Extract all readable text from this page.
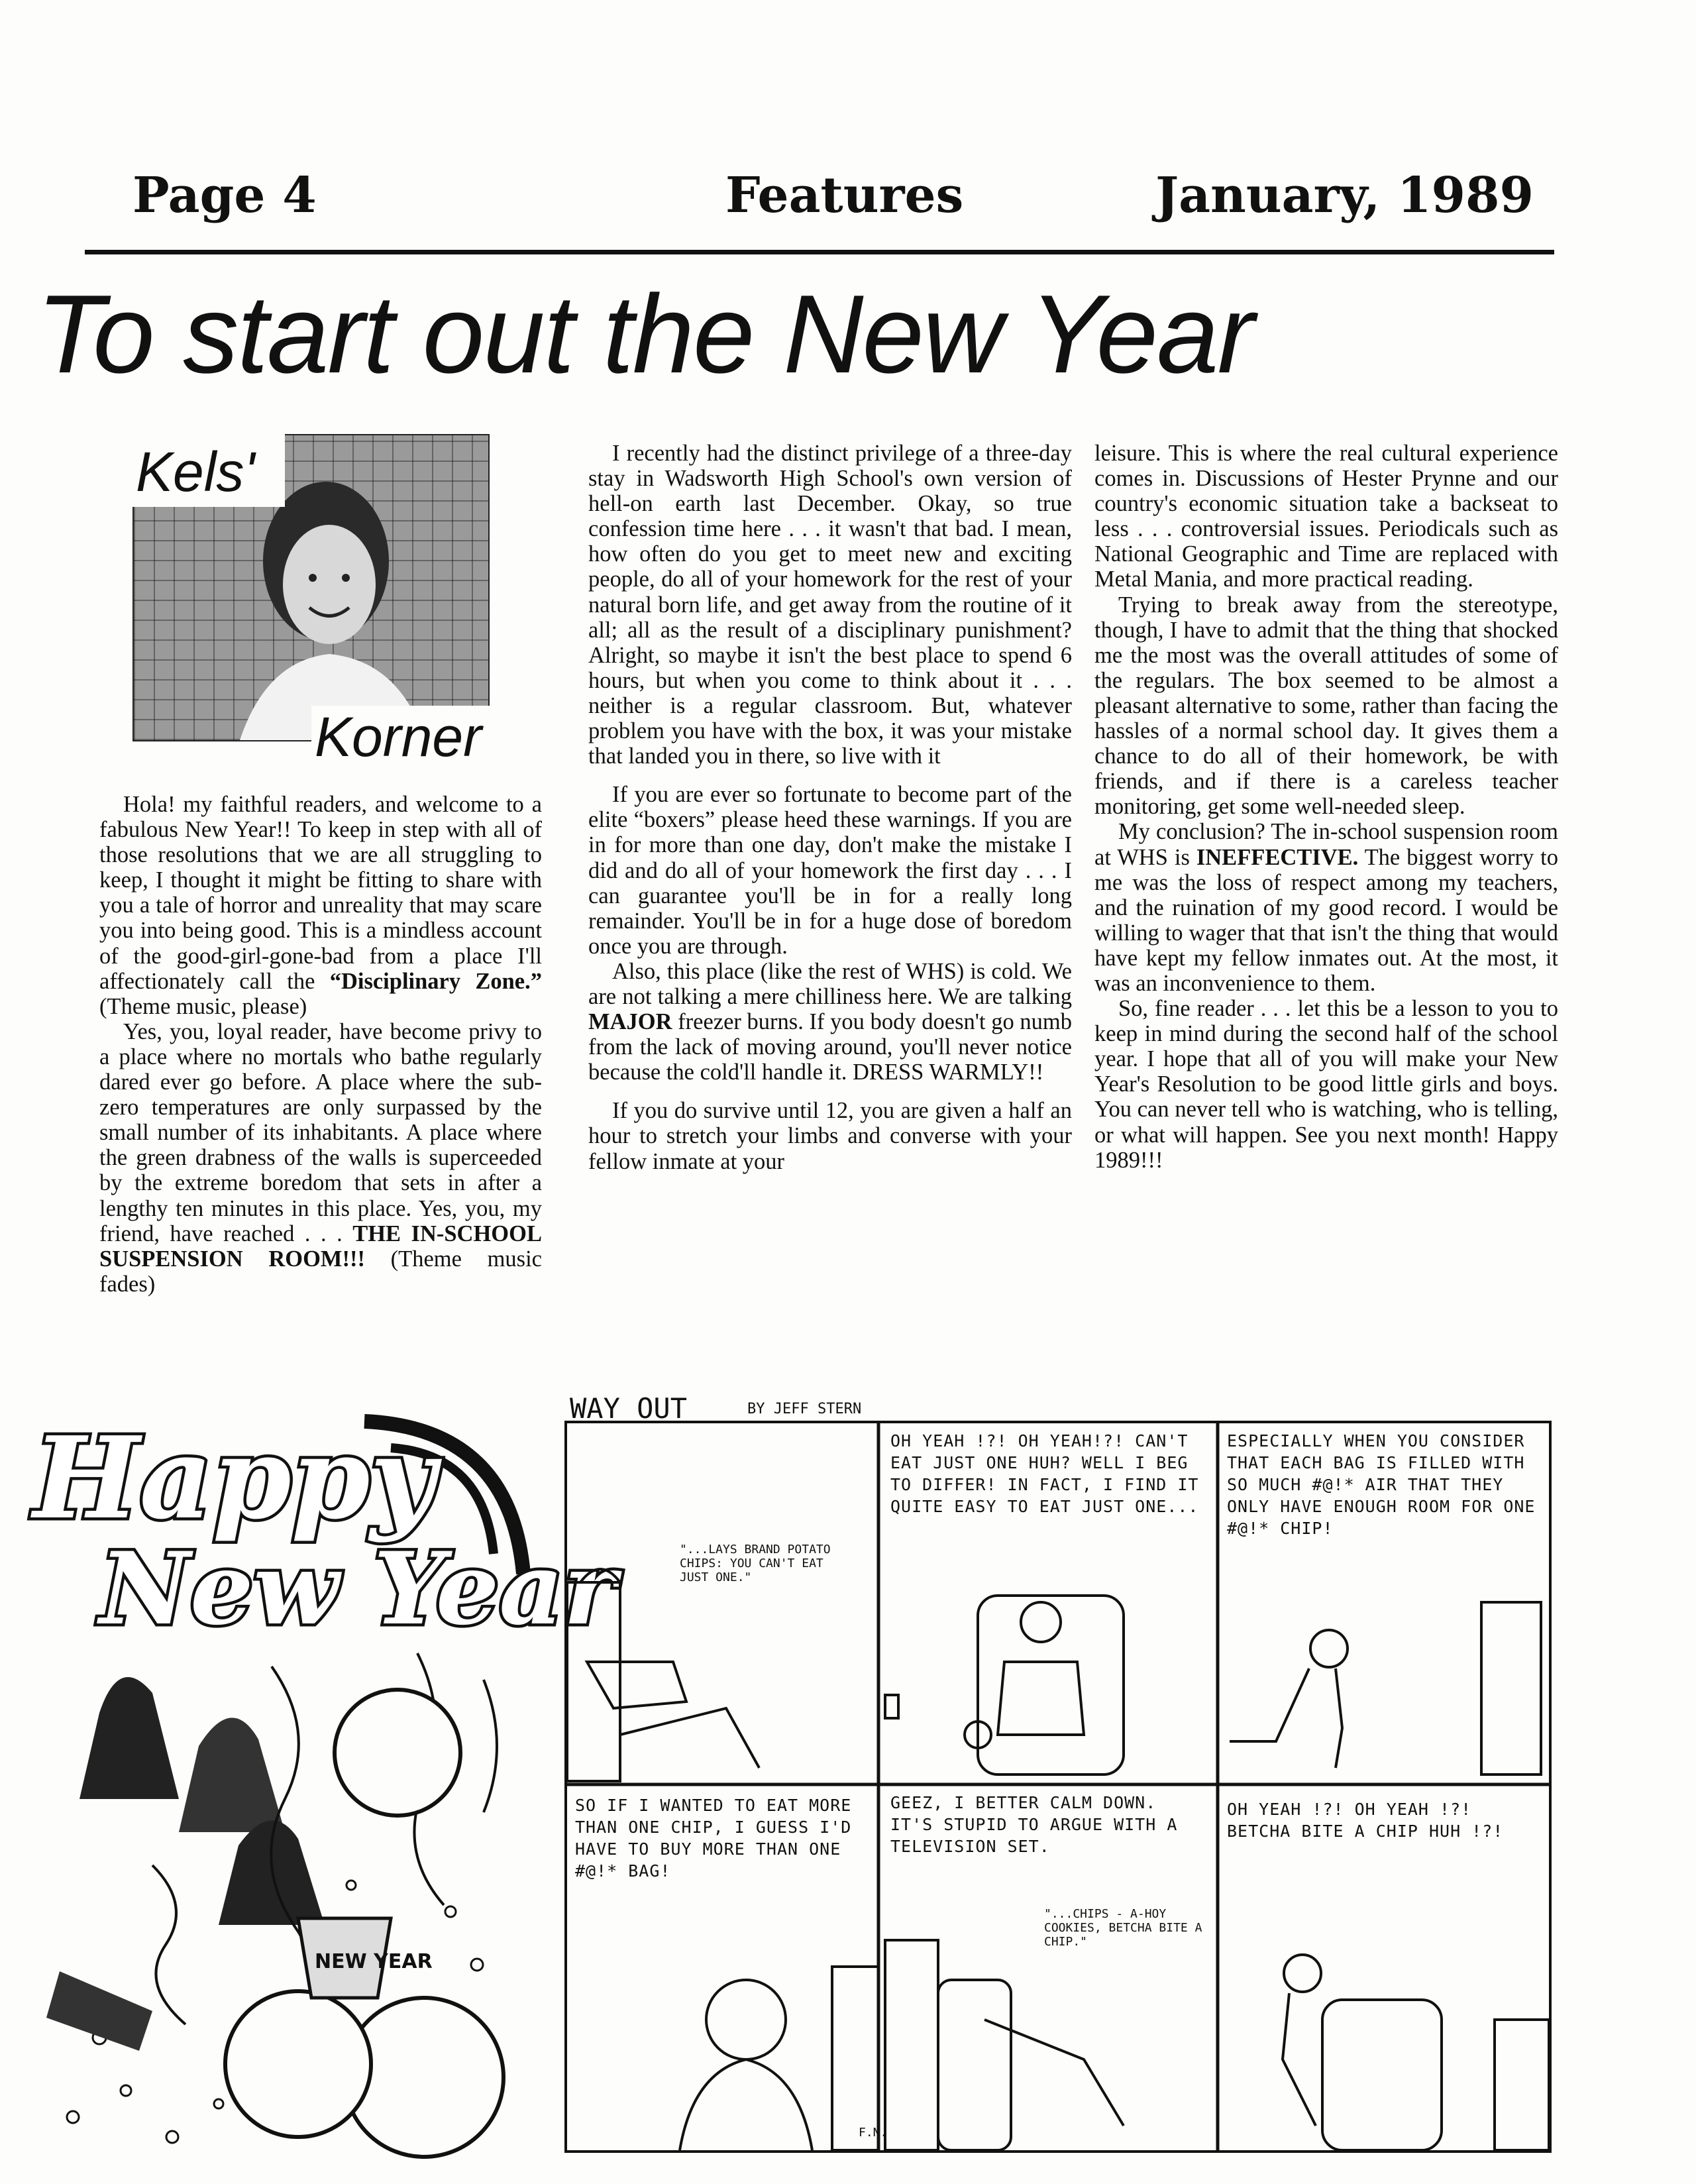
Page 4	Features	January, 1989
To start out the New Year
Kels'
Korner

Hola! my faithful readers, and welcome to a fabulous New Year!! To keep in step with all of those resolutions that we are all struggling to keep, I thought it might be fitting to share with you a tale of horror and unreality that may scare you into being good. This is a mindless account of the good-girl-gone-bad from a place I'll affectionately call the “Disciplinary Zone.” (Theme music, please)

Yes, you, loyal reader, have become privy to a place where no mortals who bathe regularly dared ever go before. A place where the sub-zero temperatures are only surpassed by the small number of its inhabitants. A place where the green drabness of the walls is superceeded by the extreme boredom that sets in after a lengthy ten minutes in this place. Yes, you, my friend, have reached . . . THE IN-SCHOOL SUSPENSION ROOM!!! (Theme music fades)

I recently had the distinct privilege of a three-day stay in Wadsworth High School's own version of hell-on earth last December. Okay, so true confession time here . . . it wasn't that bad. I mean, how often do you get to meet new and exciting people, do all of your homework for the rest of your natural born life, and get away from the routine of it all; all as the result of a disciplinary punishment? Alright, so maybe it isn't the best place to spend 6 hours, but when you come to think about it . . . neither is a regular classroom. But, whatever problem you have with the box, it was your mistake that landed you in there, so live with it

If you are ever so fortunate to become part of the elite “boxers” please heed these warnings. If you are in for more than one day, don't make the mistake I did and do all of your homework the first day . . . I can guarantee you'll be in for a really long remainder. You'll be in for a huge dose of boredom once you are through.

Also, this place (like the rest of WHS) is cold. We are not talking a mere chilliness here. We are talking MAJOR freezer burns. If you body doesn't go numb from the lack of moving around, you'll never notice because the cold'll handle it. DRESS WARMLY!!

If you do survive until 12, you are given a half an hour to stretch your limbs and converse with your fellow inmate at your

leisure. This is where the real cultural experience comes in. Discussions of Hester Prynne and our country's economic situation take a backseat to less . . . controversial issues. Periodicals such as National Geographic and Time are replaced with Metal Mania, and more practical reading.

Trying to break away from the stereotype, though, I have to admit that the thing that shocked me the most was the overall attitudes of some of the regulars. The box seemed to be almost a pleasant alternative to some, rather than facing the hassles of a normal school day. It gives them a chance to do all of their homework, be with friends, and if there is a careless teacher monitoring, get some well-needed sleep.

My conclusion? The in-school suspension room at WHS is INEFFECTIVE. The biggest worry to me was the loss of respect among my teachers, and the ruination of my good record. I would be willing to wager that that isn't the thing that would have kept my fellow inmates out. At the most, it was an inconvenience to them.

So, fine reader . . . let this be a lesson to you to keep in mind during the second half of the school year. I hope that all of you will make your New Year's Resolution to be good little girls and boys. You can never tell who is watching, who is telling, or what will happen. See you next month! Happy 1989!!!

Happy
New Year
NEW YEAR
WAY OUT	BY JEFF STERN
"...LAYS BRAND POTATO CHIPS: YOU CAN'T EAT JUST ONE."
OH YEAH !?! OH YEAH!?! CAN'T EAT JUST ONE HUH? WELL I BEG TO DIFFER! IN FACT, I FIND IT QUITE EASY TO EAT JUST ONE...
ESPECIALLY WHEN YOU CONSIDER THAT EACH BAG IS FILLED WITH SO MUCH #@!* AIR THAT THEY ONLY HAVE ENOUGH ROOM FOR ONE #@!* CHIP!
SO IF I WANTED TO EAT MORE THAN ONE CHIP, I GUESS I'D HAVE TO BUY MORE THAN ONE #@!* BAG!
GEEZ, I BETTER CALM DOWN. IT'S STUPID TO ARGUE WITH A TELEVISION SET.
"...CHIPS - A-HOY COOKIES, BETCHA BITE A CHIP."
OH YEAH !?! OH YEAH !?! BETCHA BITE A CHIP HUH !?!
F.N.
